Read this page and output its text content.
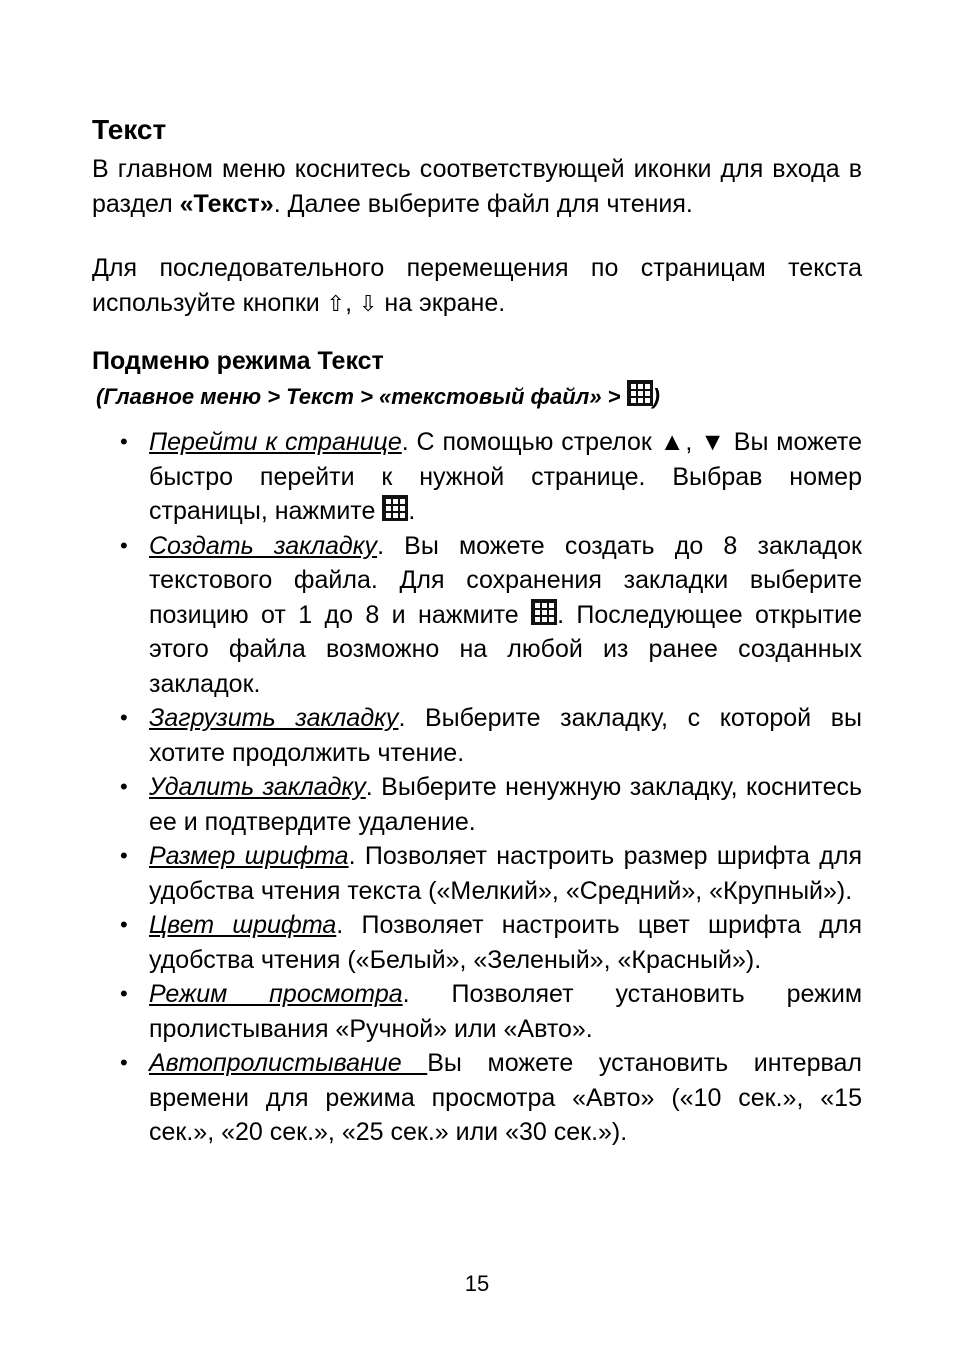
Текст

В главном меню коснитесь соответствующей иконки для входа в раздел «Текст». Далее выберите файл для чтения.

Для последовательного перемещения по страницам текста используйте кнопки ⇧, ⇩ на экране.

Подменю режима Текст
(Главное меню > Текст > «текстовый файл» >
)
• Перейти к странице. С помощью стрелок ▲, ▼ Вы можете быстро перейти к нужной странице. Выбрав номер страницы, нажмите
.
• Создать закладку. Вы можете создать до 8 закладок текстового файла. Для сохранения закладки выберите позицию от 1 до 8 и нажмите
. Последующее открытие этого файла возможно на любой из ранее созданных закладок.
• Загрузить закладку. Выберите закладку, с которой вы хотите продолжить чтение.
• Удалить закладку. Выберите ненужную закладку, коснитесь ее и подтвердите удаление.
• Размер шрифта. Позволяет настроить размер шрифта для удобства чтения текста («Мелкий», «Средний», «Крупный»).
• Цвет шрифта. Позволяет настроить цвет шрифта для удобства чтения («Белый», «Зеленый», «Красный»).
• Режим просмотра. Позволяет установить режим пролистывания «Ручной» или «Авто».
• Автопролистывание Вы можете установить интервал времени для режима просмотра «Авто» («10 сек.», «15 сек.», «20 сек.», «25 сек.» или «30 сек.»).
15
